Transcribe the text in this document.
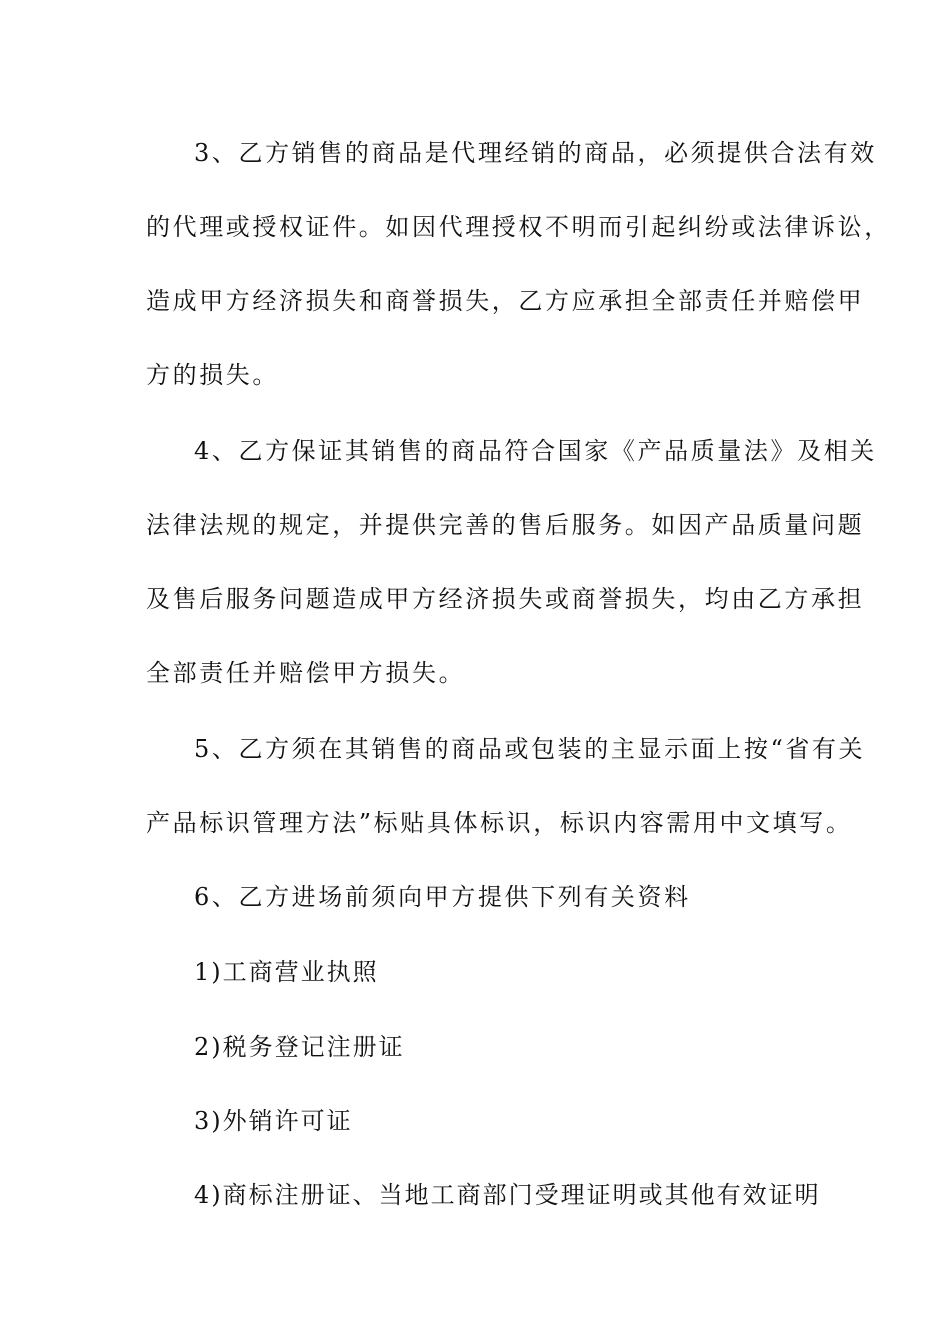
3、乙方销售的商品是代理经销的商品，必须提供合法有效
的代理或授权证件。如因代理授权不明而引起纠纷或法律诉讼，
造成甲方经济损失和商誉损失，乙方应承担全部责任并赔偿甲
方的损失。
4、乙方保证其销售的商品符合国家《产品质量法》及相关
法律法规的规定，并提供完善的售后服务。如因产品质量问题
及售后服务问题造成甲方经济损失或商誉损失，均由乙方承担
全部责任并赔偿甲方损失。
5、乙方须在其销售的商品或包装的主显示面上按“省有关
产品标识管理方法”标贴具体标识，标识内容需用中文填写。
6、乙方进场前须向甲方提供下列有关资料
1)工商营业执照
2)税务登记注册证
3)外销许可证
4)商标注册证、当地工商部门受理证明或其他有效证明
